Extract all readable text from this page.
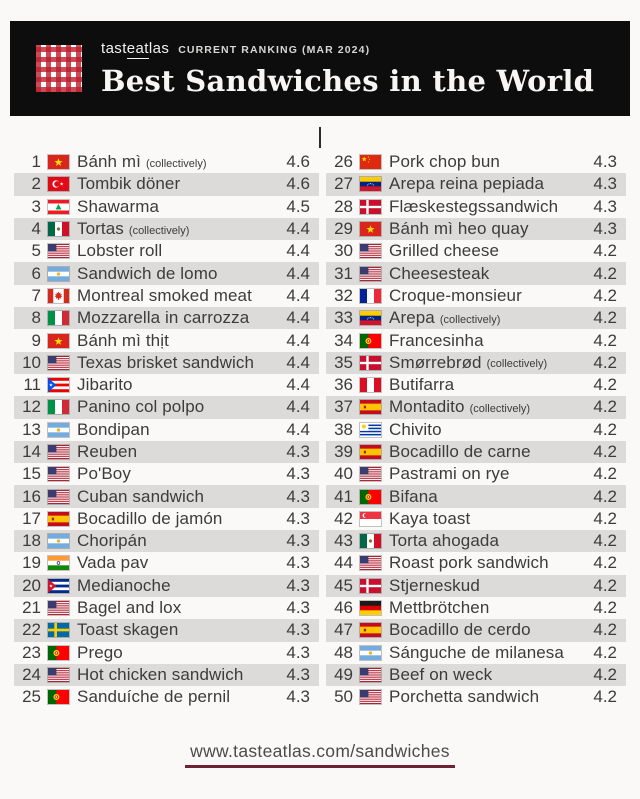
tasteatlas CURRENT RANKING (MAR 2024)
Best Sandwiches in the World
1 Bánh mì (collectively)	4.6
2 Tombik döner	4.6
3 Shawarma	4.5
4 Tortas (collectively)	4.4
5 Lobster roll	4.4
6 Sandwich de lomo	4.4
7 Montreal smoked meat 4.4
8 Mozzarella in carrozza 4.4
9 Bánh mì thịt	4.4
10 Texas brisket sandwich 4.4
11 Jibarito	4.4
12 Panino col polpo	4.4
13 Bondipan	4.4
14 Reuben	4.3
15 Po'Boy	4.3
16 Cuban sandwich	4.3
17 Bocadillo de jamón	4.3
18 Choripán	4.3
19 Vada pav	4.3
20 Medianoche	4.3
21 Bagel and lox	4.3
22 Toast skagen	4.3
23 Prego	4.3
24 Hot chicken sandwich	4.3
25 Sanduíche de pernil	4.3
26 Pork chop bun	4.3
27 Arepa reina pepiada	4.3
28 Flæskestegssandwich 4.3
29 Bánh mì heo quay	4.3
30 Grilled cheese	4.2
31 Cheesesteak	4.2
32 Croque-monsieur	4.2
33 Arepa (collectively)	4.2
34 Francesinha	4.2
35 Smørrebrød (collectively)	4.2
36 Butifarra	4.2
37 Montadito (collectively)	4.2
38 Chivito	4.2
39 Bocadillo de carne	4.2
40 Pastrami on rye	4.2
41 Bifana	4.2
42 Kaya toast	4.2
43 Torta ahogada	4.2
44 Roast pork sandwich	4.2
45 Stjerneskud	4.2
46 Mettbrötchen	4.2
47 Bocadillo de cerdo	4.2
48 Sánguche de milanesa 4.2
49 Beef on weck	4.2
50 Porchetta sandwich	4.2
www.tasteatlas.com/sandwiches
